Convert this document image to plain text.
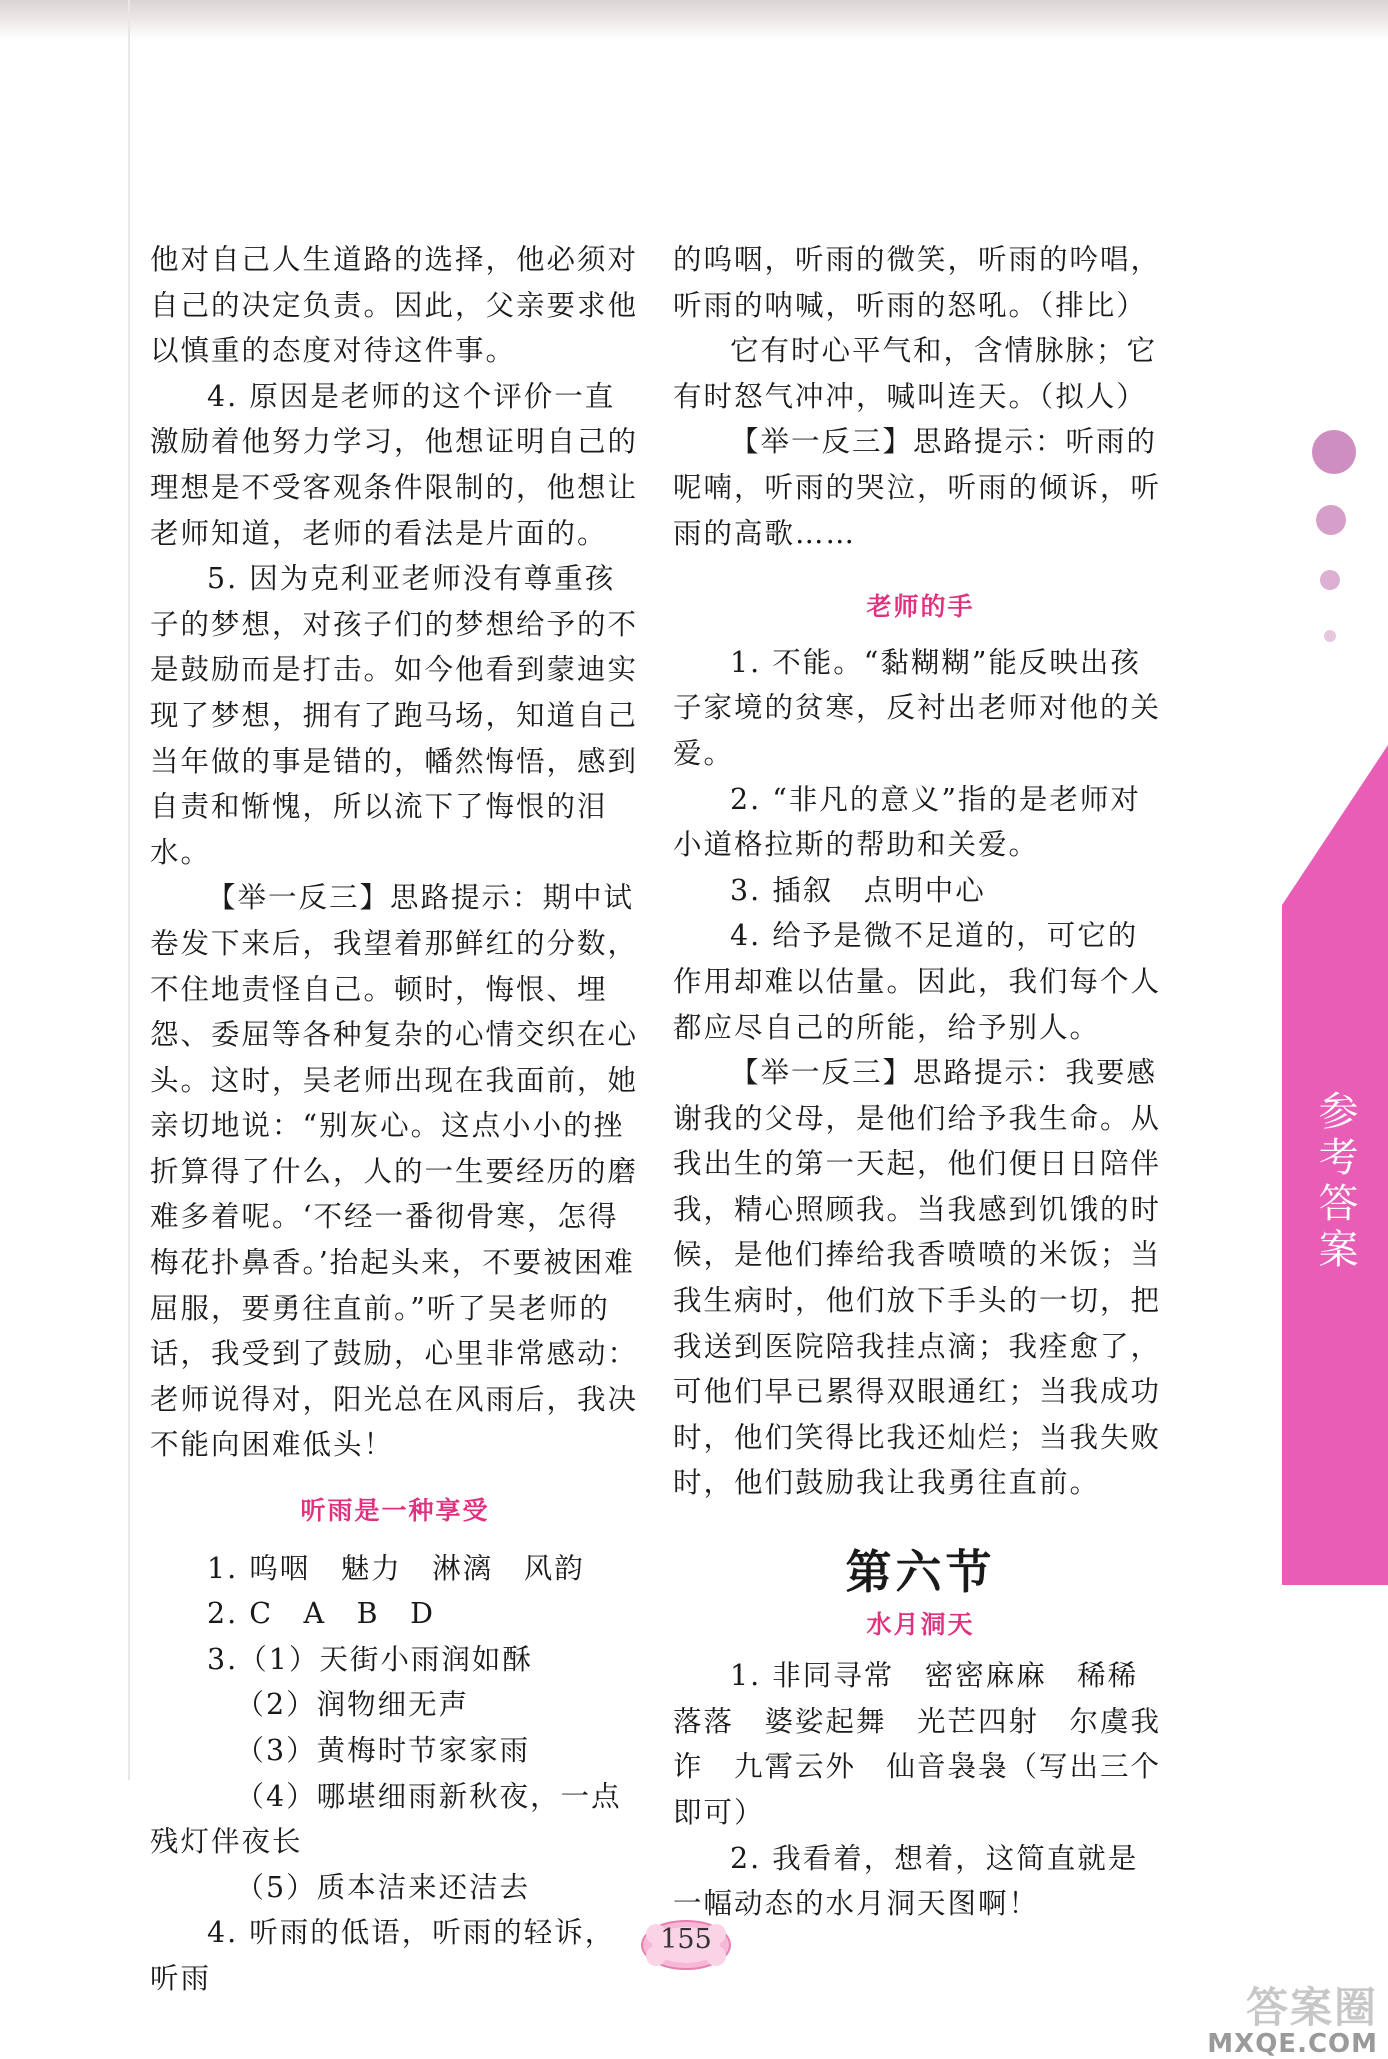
他对自己人生道路的选择，他必须对自己的决定负责。因此，父亲要求他以慎重的态度对待这件事。

4. 原因是老师的这个评价一直激励着他努力学习，他想证明自己的理想是不受客观条件限制的，他想让老师知道，老师的看法是片面的。

5. 因为克利亚老师没有尊重孩子的梦想，对孩子们的梦想给予的不是鼓励而是打击。如今他看到蒙迪实现了梦想，拥有了跑马场，知道自己当年做的事是错的，幡然悔悟，感到自责和惭愧，所以流下了悔恨的泪水。

【举一反三】思路提示：期中试卷发下来后，我望着那鲜红的分数，不住地责怪自己。顿时，悔恨、埋怨、委屈等各种复杂的心情交织在心头。这时，吴老师出现在我面前，她亲切地说：“别灰心。这点小小的挫折算得了什么，人的一生要经历的磨难多着呢。‘不经一番彻骨寒，怎得梅花扑鼻香。’抬起头来，不要被困难屈服，要勇往直前。”听了吴老师的话，我受到了鼓励，心里非常感动：老师说得对，阳光总在风雨后，我决不能向困难低头！

听雨是一种享受

1. 呜咽　魅力　淋漓　风韵

2. C　A　B　D

3.（1）天街小雨润如酥

（2）润物细无声

（3）黄梅时节家家雨

（4）哪堪细雨新秋夜，一点残灯伴夜长

（5）质本洁来还洁去

4. 听雨的低语，听雨的轻诉，听雨

的呜咽，听雨的微笑，听雨的吟唱，听雨的呐喊，听雨的怒吼。（排比）

它有时心平气和，含情脉脉；它有时怒气冲冲，喊叫连天。（拟人）

【举一反三】思路提示：听雨的呢喃，听雨的哭泣，听雨的倾诉，听雨的高歌……

老师的手

1. 不能。“黏糊糊”能反映出孩子家境的贫寒，反衬出老师对他的关爱。

2. “非凡的意义”指的是老师对小道格拉斯的帮助和关爱。

3. 插叙　点明中心

4. 给予是微不足道的，可它的作用却难以估量。因此，我们每个人都应尽自己的所能，给予别人。

【举一反三】思路提示：我要感谢我的父母，是他们给予我生命。从我出生的第一天起，他们便日日陪伴我，精心照顾我。当我感到饥饿的时候，是他们捧给我香喷喷的米饭；当我生病时，他们放下手头的一切，把我送到医院陪我挂点滴；我痊愈了，可他们早已累得双眼通红；当我成功时，他们笑得比我还灿烂；当我失败时，他们鼓励我让我勇往直前。

第六节

水月洞天

1. 非同寻常　密密麻麻　稀稀落落　婆娑起舞　光芒四射　尔虞我诈　九霄云外　仙音袅袅（写出三个即可）

2. 我看着，想着，这简直就是一幅动态的水月洞天图啊！

参考答案
155
答案圈
MXQE.COM
